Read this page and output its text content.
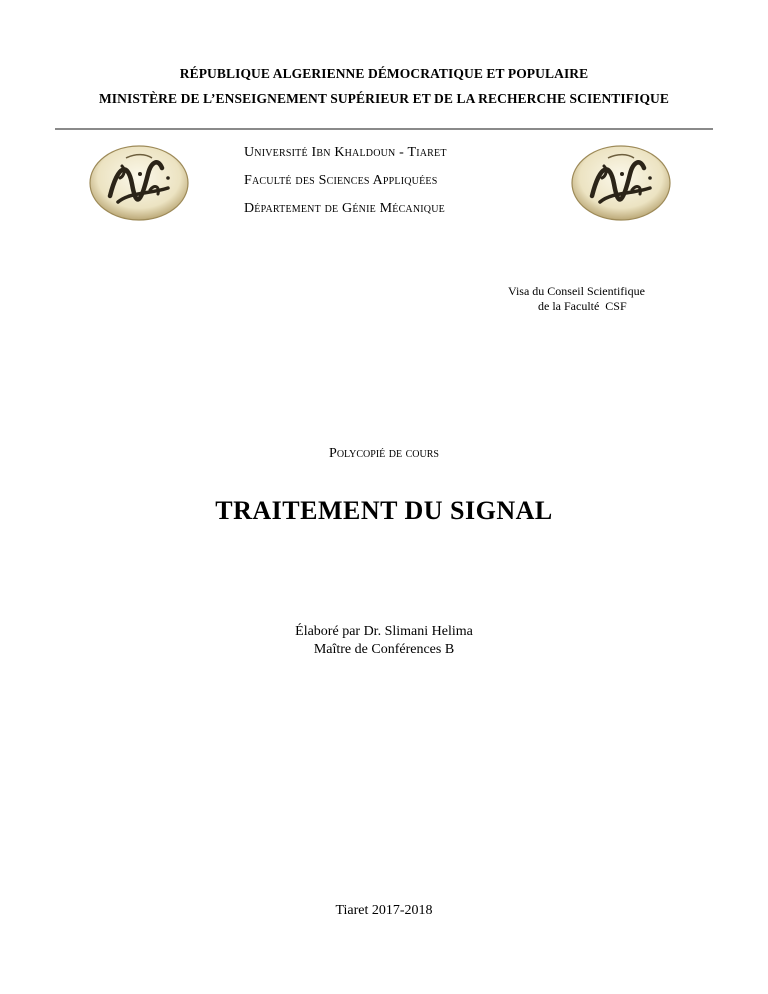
RÉPUBLIQUE ALGERIENNE DÉMOCRATIQUE ET POPULAIRE
MINISTÈRE DE L’ENSEIGNEMENT SUPÉRIEUR ET DE LA RECHERCHE SCIENTIFIQUE
Université Ibn Khaldoun - Tiaret
Faculté des Sciences Appliquées
Département de Génie Mécanique
Visa du Conseil Scientifique
de la Faculté  CSF
Polycopié de cours
TRAITEMENT DU SIGNAL
Élaboré par Dr. Slimani Helima
Maître de Conférences B
Tiaret 2017-2018
